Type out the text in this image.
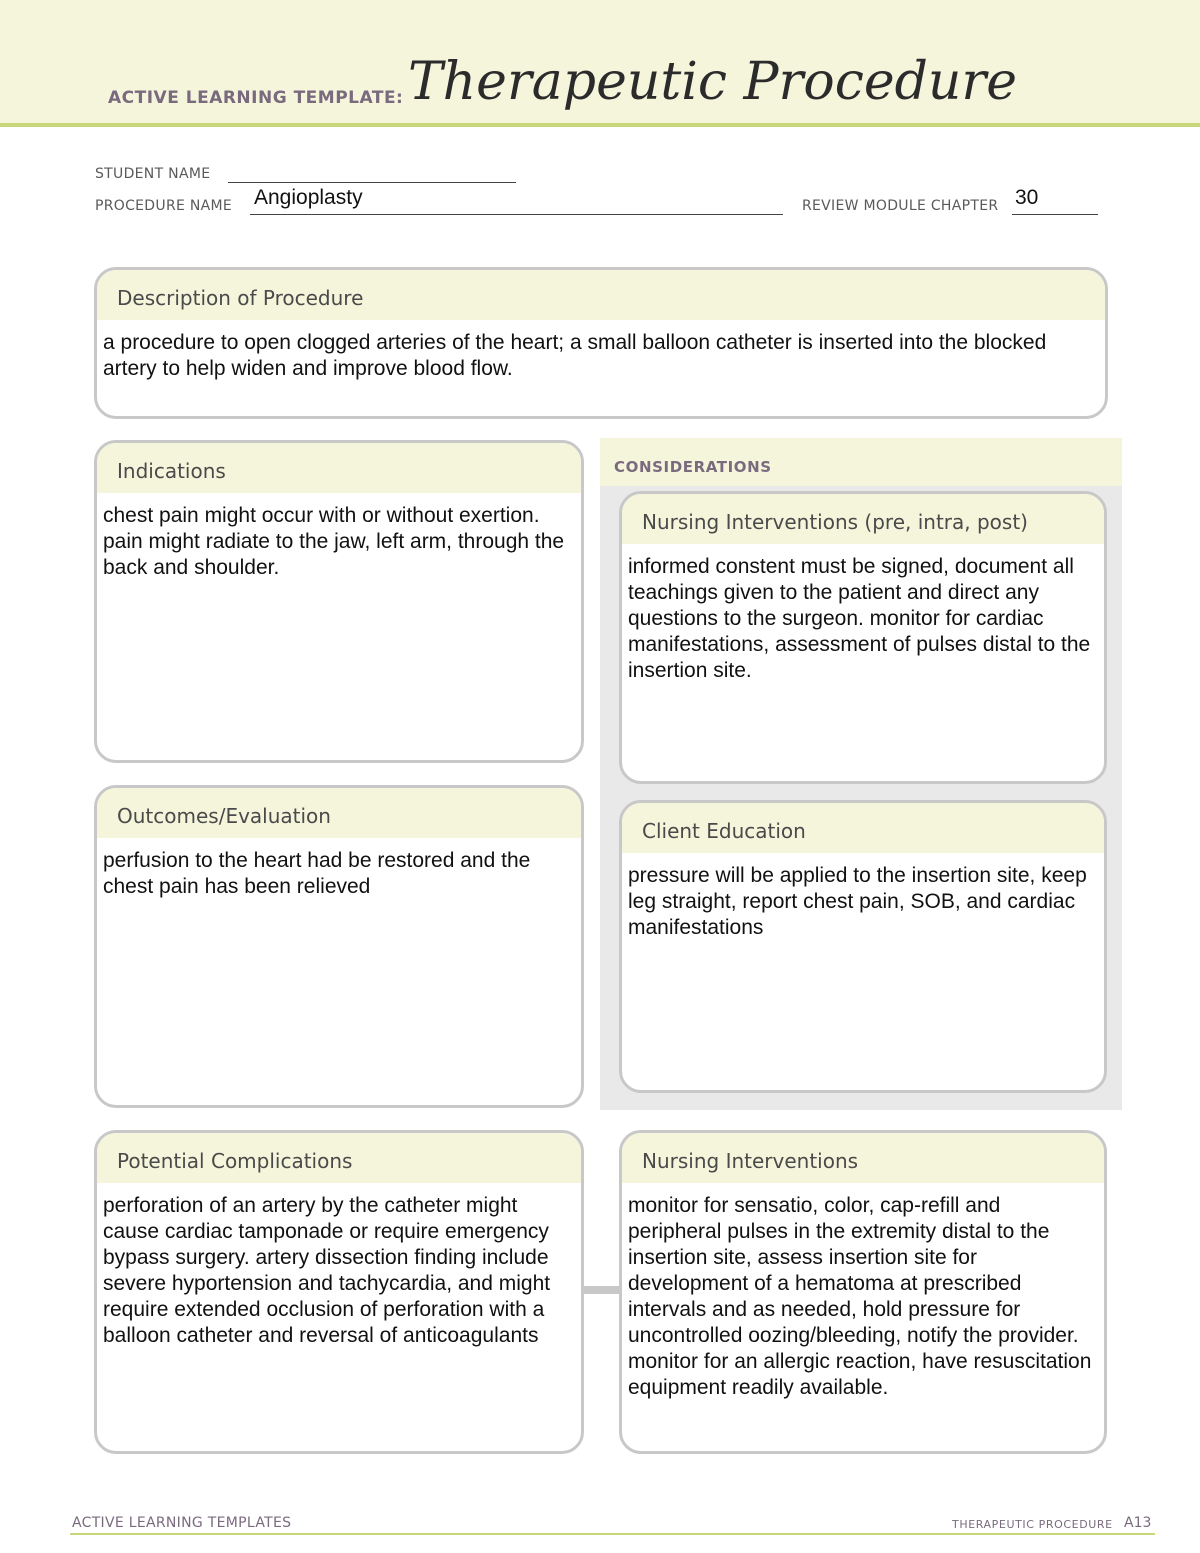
ACTIVE LEARNING TEMPLATE: Therapeutic Procedure
STUDENT NAME
PROCEDURE NAME Angioplasty	REVIEW MODULE CHAPTER 30
Description of Procedure
a procedure to open clogged arteries of the heart; a small balloon catheter is inserted into the blocked artery to help widen and improve blood flow.
Indications
chest pain might occur with or without exertion. pain might radiate to the jaw, left arm, through the back and shoulder.
Outcomes/Evaluation
perfusion to the heart had be restored and the chest pain has been relieved
CONSIDERATIONS
Nursing Interventions (pre, intra, post)
informed constent must be signed, document all teachings given to the patient and direct any questions to the surgeon. monitor for cardiac manifestations, assessment of pulses distal to the insertion site.
Client Education
pressure will be applied to the insertion site, keep leg straight, report chest pain, SOB, and cardiac manifestations
Potential Complications
perforation of an artery by the catheter might cause cardiac tamponade or require emergency bypass surgery. artery dissection finding include severe hyportension and tachycardia, and might require extended occlusion of perforation with a balloon catheter and reversal of anticoagulants
Nursing Interventions
monitor for sensatio, color, cap-refill and peripheral pulses in the extremity distal to the insertion site, assess insertion site for development of a hematoma at prescribed intervals and as needed, hold pressure for uncontrolled oozing/bleeding, notify the provider. monitor for an allergic reaction, have resuscitation equipment readily available.
ACTIVE LEARNING TEMPLATES	THERAPEUTIC PROCEDURE A13
